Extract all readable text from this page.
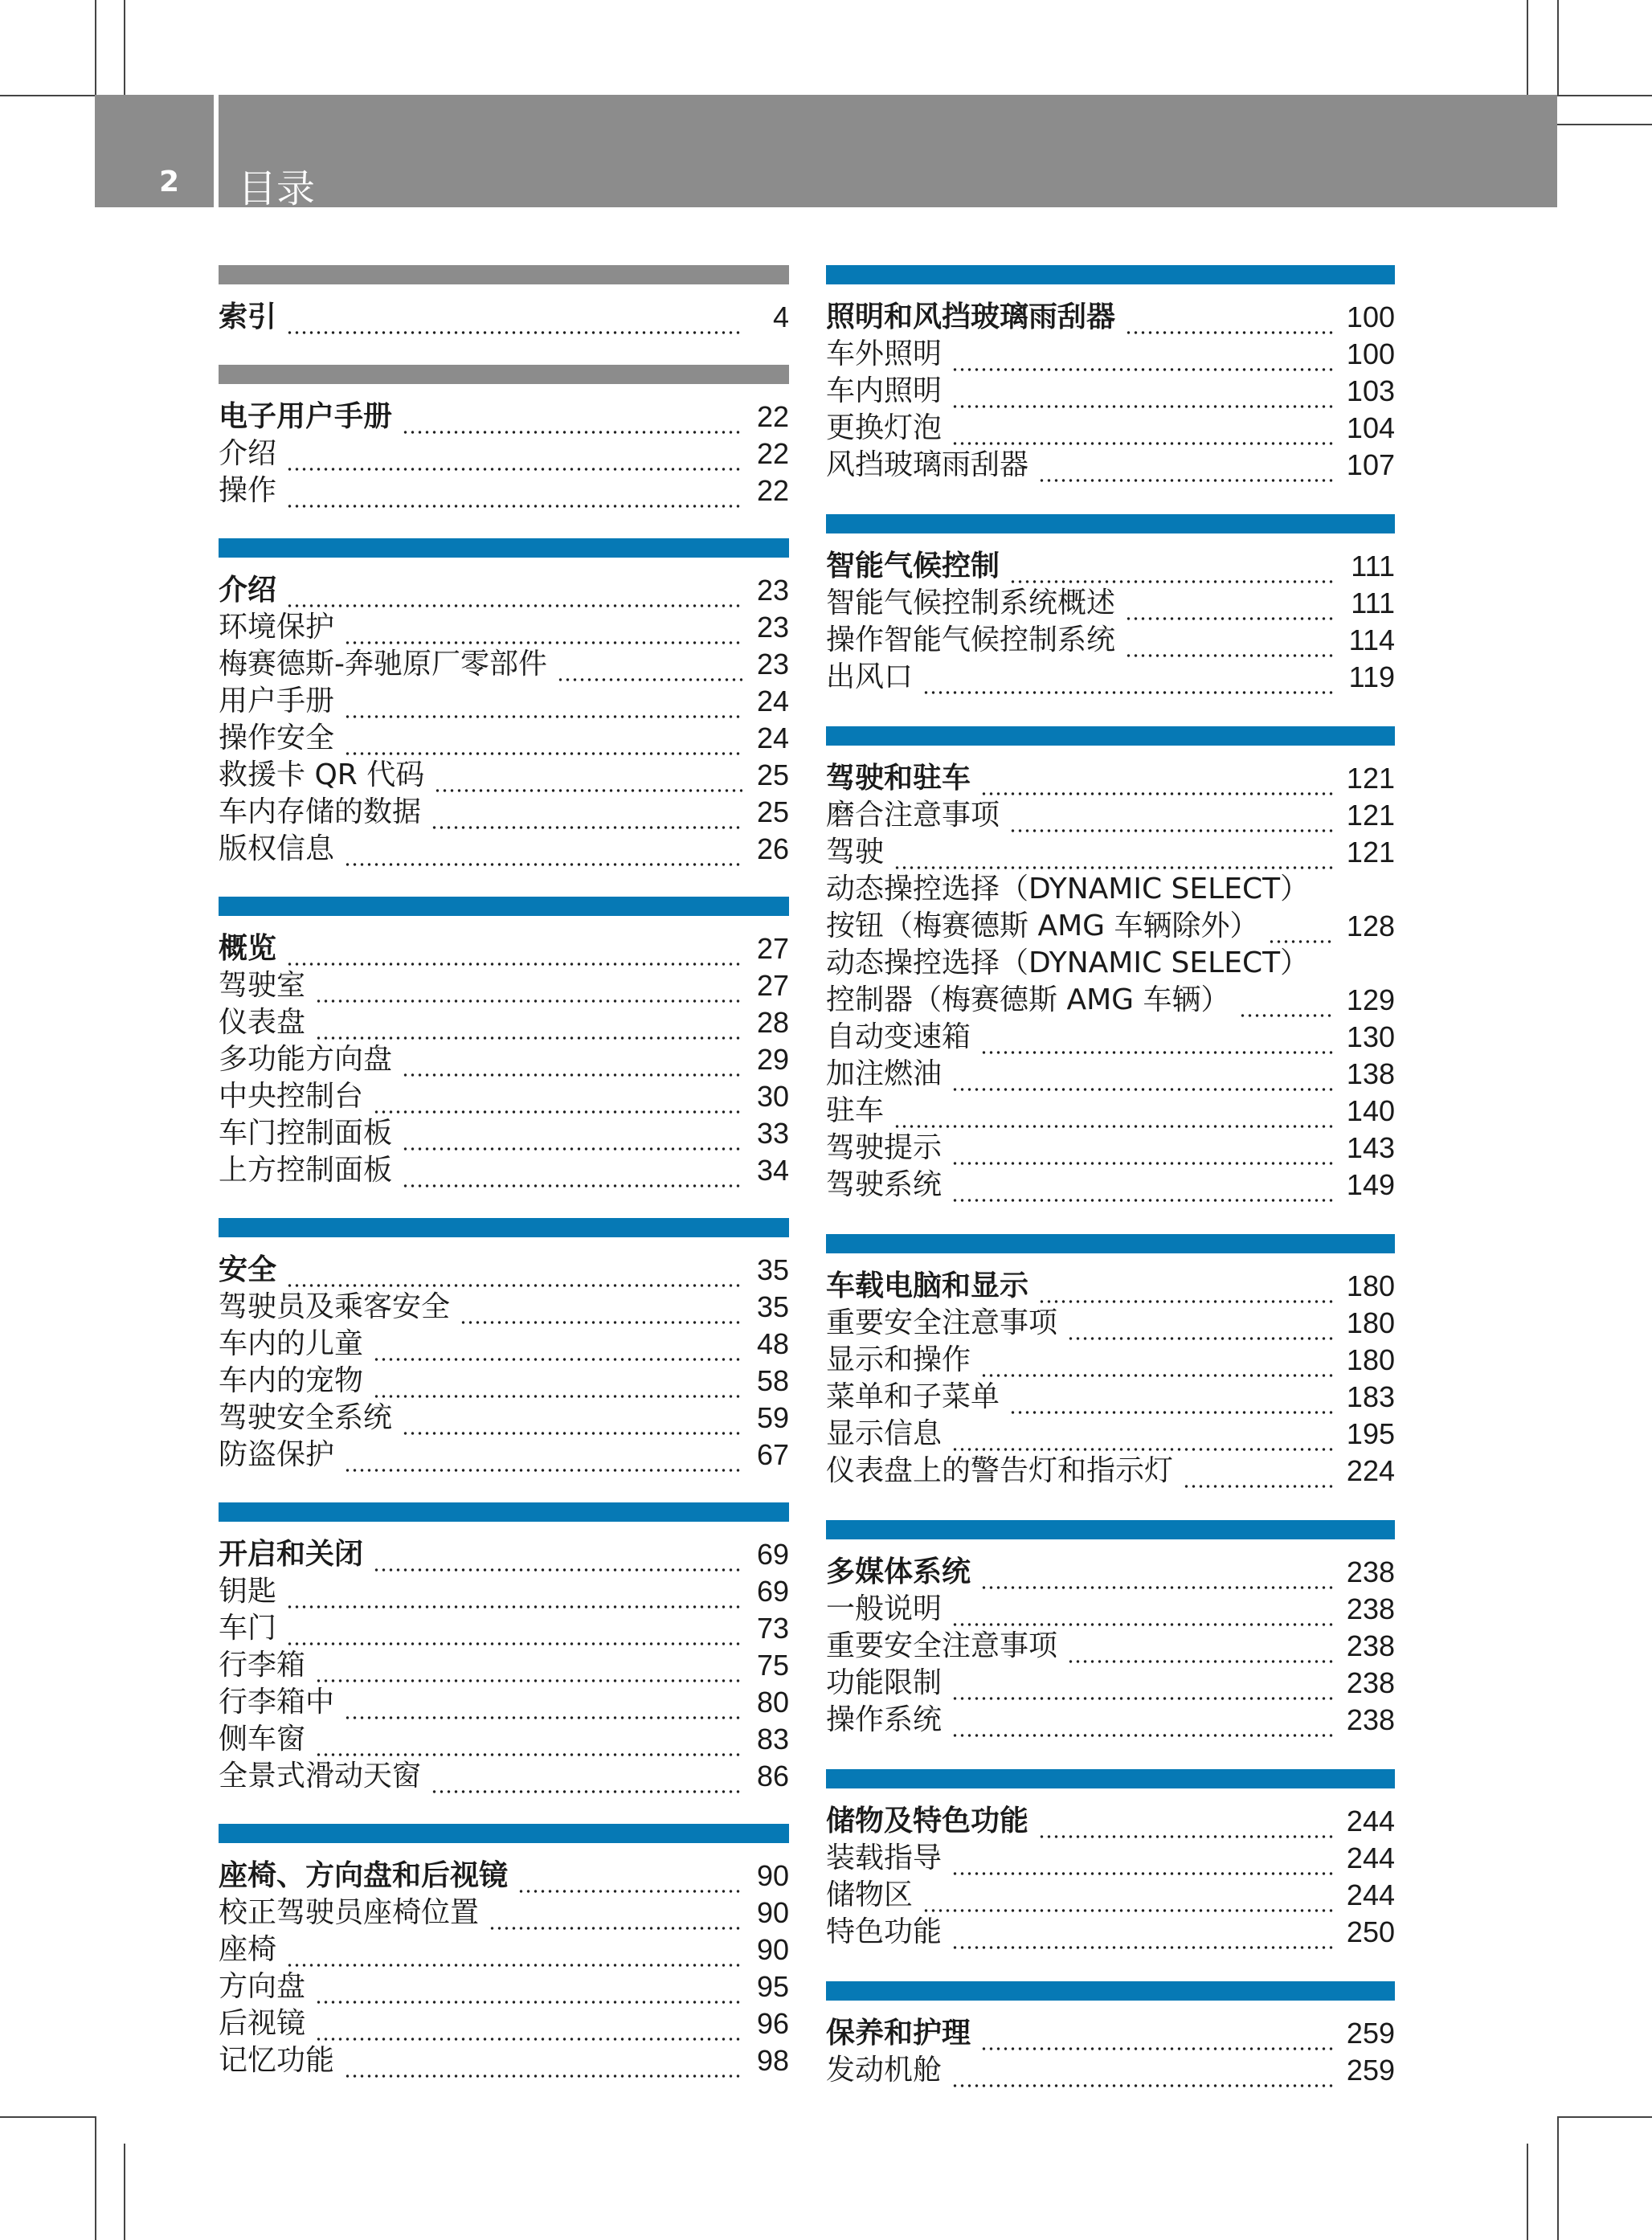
2 目录
索引	4
电子用户手册	22
介绍	22
操作	22
介绍	23
环境保护	23
梅赛德斯-奔驰原厂零部件	23
用户手册	24
操作安全	24
救援卡 QR 代码	25
车内存储的数据	25
版权信息	26
概览	27
驾驶室	27
仪表盘	28
多功能方向盘	29
中央控制台	30
车门控制面板	33
上方控制面板	34
安全	35
驾驶员及乘客安全	35
车内的儿童	48
车内的宠物	58
驾驶安全系统	59
防盗保护	67
开启和关闭	69
钥匙	69
车门	73
行李箱	75
行李箱中	80
侧车窗	83
全景式滑动天窗	86
座椅、方向盘和后视镜	90
校正驾驶员座椅位置	90
座椅	90
方向盘	95
后视镜	96
记忆功能	98
照明和风挡玻璃雨刮器	100
车外照明	100
车内照明	103
更换灯泡	104
风挡玻璃雨刮器	107
智能气候控制	111
智能气候控制系统概述	111
操作智能气候控制系统	114
出风口	119
驾驶和驻车	121
磨合注意事项	121
驾驶	121
动态操控选择（DYNAMIC SELECT）
按钮（梅赛德斯 AMG 车辆除外）	128
动态操控选择（DYNAMIC SELECT）
控制器（梅赛德斯 AMG 车辆）	129
自动变速箱	130
加注燃油	138
驻车	140
驾驶提示	143
驾驶系统	149
车载电脑和显示	180
重要安全注意事项	180
显示和操作	180
菜单和子菜单	183
显示信息	195
仪表盘上的警告灯和指示灯	224
多媒体系统	238
一般说明	238
重要安全注意事项	238
功能限制	238
操作系统	238
储物及特色功能	244
装载指导	244
储物区	244
特色功能	250
保养和护理	259
发动机舱	259
